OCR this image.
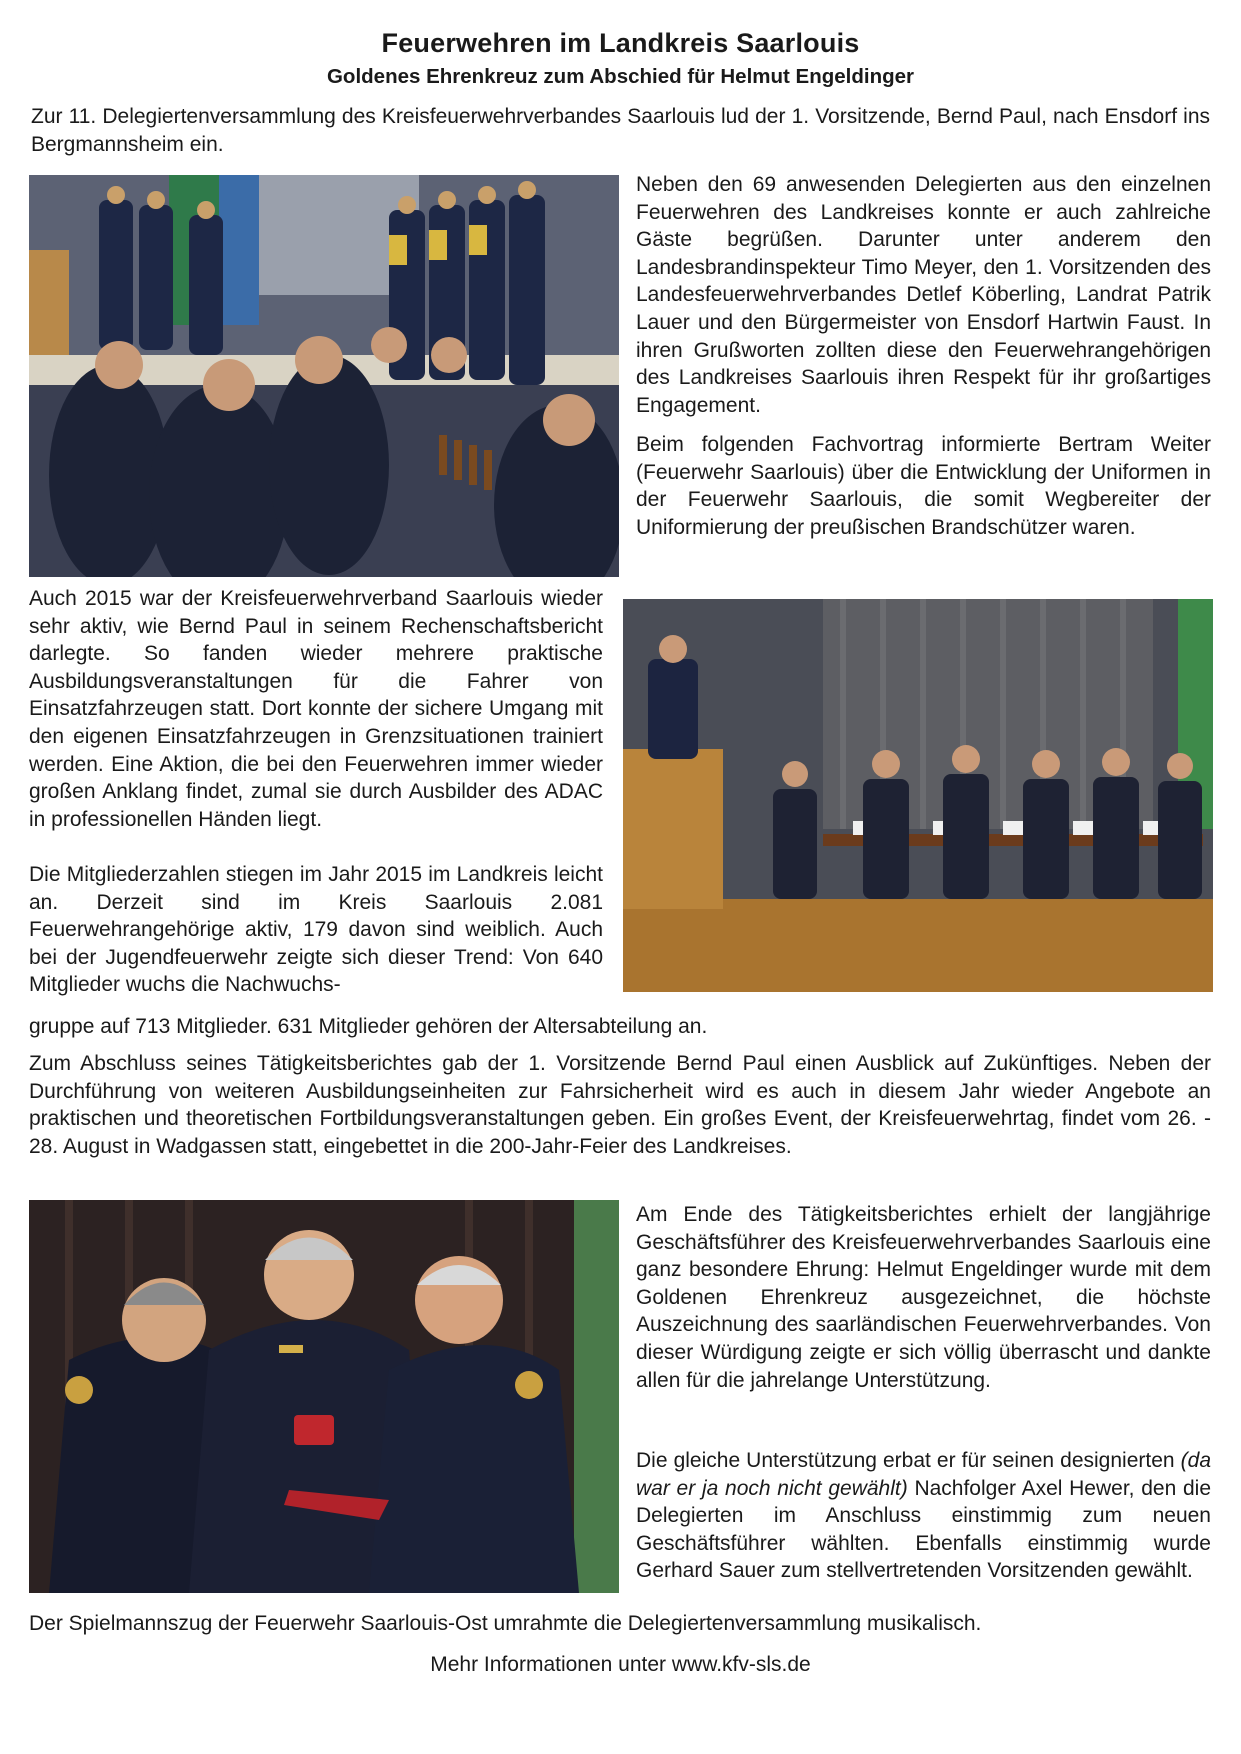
Feuerwehren im Landkreis Saarlouis

Goldenes Ehrenkreuz zum Abschied für Helmut Engeldinger

Zur 11. Delegiertenversammlung des Kreisfeuerwehrverbandes Saarlouis lud der 1. Vorsitzende, Bernd Paul, nach Ensdorf ins Bergmannsheim ein.

Neben den 69 anwesenden Delegierten aus den einzelnen Feuerwehren des Landkreises konnte er auch zahlreiche Gäste begrüßen. Darunter unter anderem den Landesbrandinspekteur Timo Meyer, den 1. Vorsitzenden des Landesfeuerwehrverbandes Detlef Köberling, Landrat Patrik Lauer und den Bürgermeister von Ensdorf Hartwin Faust. In ihren Grußworten zollten diese den Feuerwehrangehörigen des Landkreises Saarlouis ihren Respekt für ihr großartiges Engagement.

Beim folgenden Fachvortrag informierte Bertram Weiter (Feuerwehr Saarlouis) über die Entwicklung der Uniformen in der Feuerwehr Saarlouis, die somit Wegbereiter der Uniformierung der preußischen Brandschützer waren.

Auch 2015 war der Kreisfeuerwehrverband Saarlouis wieder sehr aktiv, wie Bernd Paul in seinem Rechenschaftsbericht darlegte. So fanden wieder mehrere praktische Ausbildungsveranstaltungen für die Fahrer von Einsatzfahrzeugen statt. Dort konnte der sichere Umgang mit den eigenen Einsatzfahrzeugen in Grenzsituationen trainiert werden. Eine Aktion, die bei den Feuerwehren immer wieder großen Anklang findet, zumal sie durch Ausbilder des ADAC in professionellen Händen liegt.

Die Mitgliederzahlen stiegen im Jahr 2015 im Landkreis leicht an. Derzeit sind im Kreis Saarlouis 2.081 Feuerwehrangehörige aktiv, 179 davon sind weiblich. Auch bei der Jugendfeuerwehr zeigte sich dieser Trend: Von 640 Mitglieder wuchs die Nachwuchs-

gruppe auf 713 Mitglieder. 631 Mitglieder gehören der Altersabteilung an.

Zum Abschluss seines Tätigkeitsberichtes gab der 1. Vorsitzende Bernd Paul einen Ausblick auf Zukünftiges. Neben der Durchführung von weiteren Ausbildungseinheiten zur Fahrsicherheit wird es auch in diesem Jahr wieder Angebote an praktischen und theoretischen Fortbildungsveranstaltungen geben. Ein großes Event, der Kreisfeuerwehrtag, findet vom 26. - 28. August in Wadgassen statt, eingebettet in die 200-Jahr-Feier des Landkreises.

Am Ende des Tätigkeitsberichtes erhielt der langjährige Geschäftsführer des Kreisfeuerwehrverbandes Saarlouis eine ganz besondere Ehrung: Helmut Engeldinger wurde mit dem Goldenen Ehrenkreuz ausgezeichnet, die höchste Auszeichnung des saarländischen Feuerwehrverbandes. Von dieser Würdigung zeigte er sich völlig überrascht und dankte allen für die jahrelange Unterstützung.

Die gleiche Unterstützung erbat er für seinen designierten (da war er ja noch nicht gewählt) Nachfolger Axel Hewer, den die Delegierten im Anschluss einstimmig zum neuen Geschäftsführer wählten. Ebenfalls einstimmig wurde Gerhard Sauer zum stellvertretenden Vorsitzenden gewählt.

Der Spielmannszug der Feuerwehr Saarlouis-Ost umrahmte die Delegiertenversammlung musikalisch.

Mehr Informationen unter www.kfv-sls.de
